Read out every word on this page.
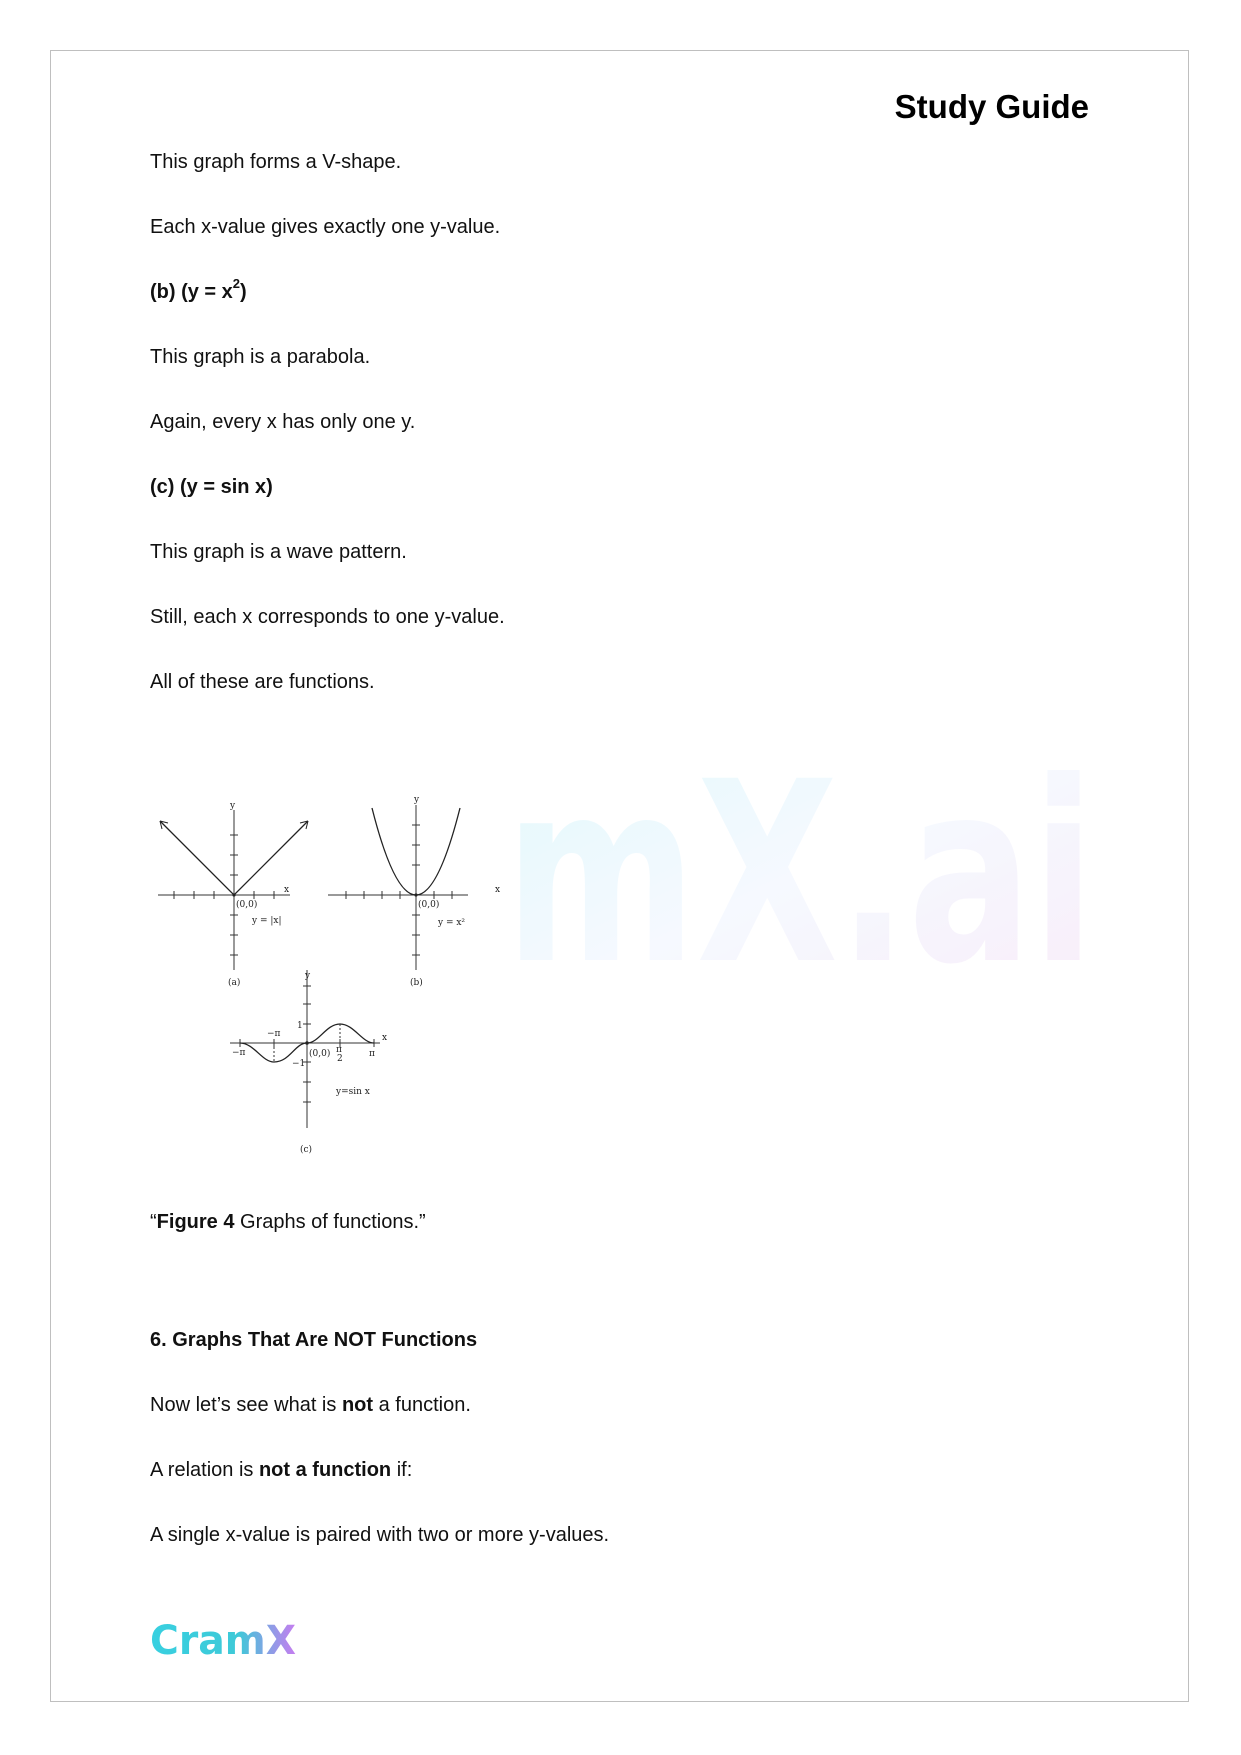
Study Guide
This graph forms a V-shape.
Each x-value gives exactly one y-value.
(b) $(y = x^2)$
This graph is a parabola.
Again, every x has only one y.
(c) (y = sin x)
This graph is a wave pattern.
Still, each x corresponds to one y-value.
All of these are functions.
mX.ai
y
x
(0,0)
y = |x|
(a)
y
x
(0,0)
y = x²
(b)
y
x
1
−1
−π	π
π
2
−π
(0,0)
y=sin x
(c)
“Figure 4 Graphs of functions.”
6. Graphs That Are NOT Functions
Now let’s see what is not a function.
A relation is not a function if:
A single x-value is paired with two or more y-values.
CramX
